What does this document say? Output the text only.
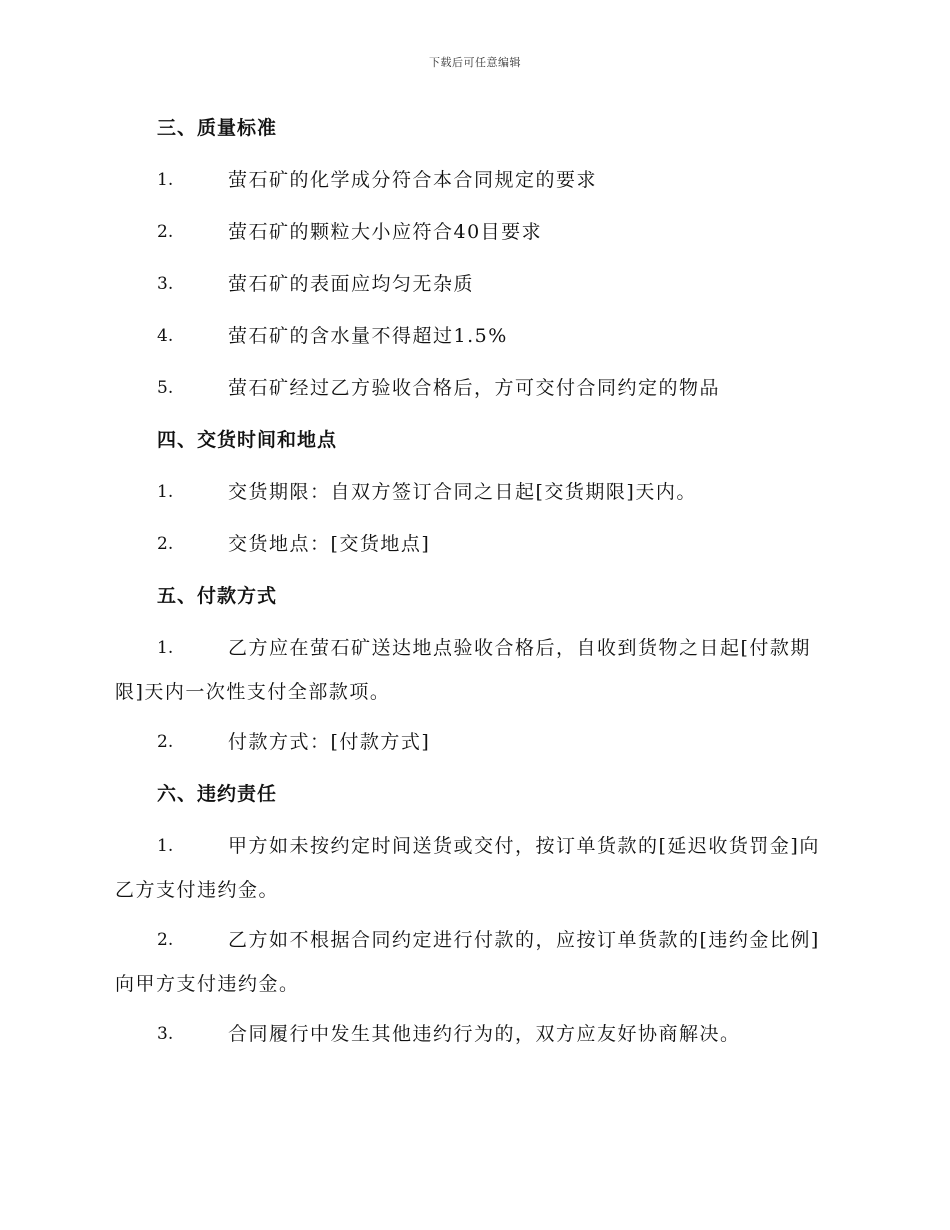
下载后可任意编辑
三、质量标准
1.	萤石矿的化学成分符合本合同规定的要求
2.	萤石矿的颗粒大小应符合40目要求
3.	萤石矿的表面应均匀无杂质
4.	萤石矿的含水量不得超过1.5%
5.	萤石矿经过乙方验收合格后，方可交付合同约定的物品
四、交货时间和地点
1.	交货期限：自双方签订合同之日起[交货期限]天内。
2.	交货地点：[交货地点]
五、付款方式
1.	乙方应在萤石矿送达地点验收合格后，自收到货物之日起[付款期限]天内一次性支付全部款项。
2.	付款方式：[付款方式]
六、违约责任
1.	甲方如未按约定时间送货或交付，按订单货款的[延迟收货罚金]向乙方支付违约金。
2.	乙方如不根据合同约定进行付款的，应按订单货款的[违约金比例]向甲方支付违约金。
3.	合同履行中发生其他违约行为的，双方应友好协商解决。
